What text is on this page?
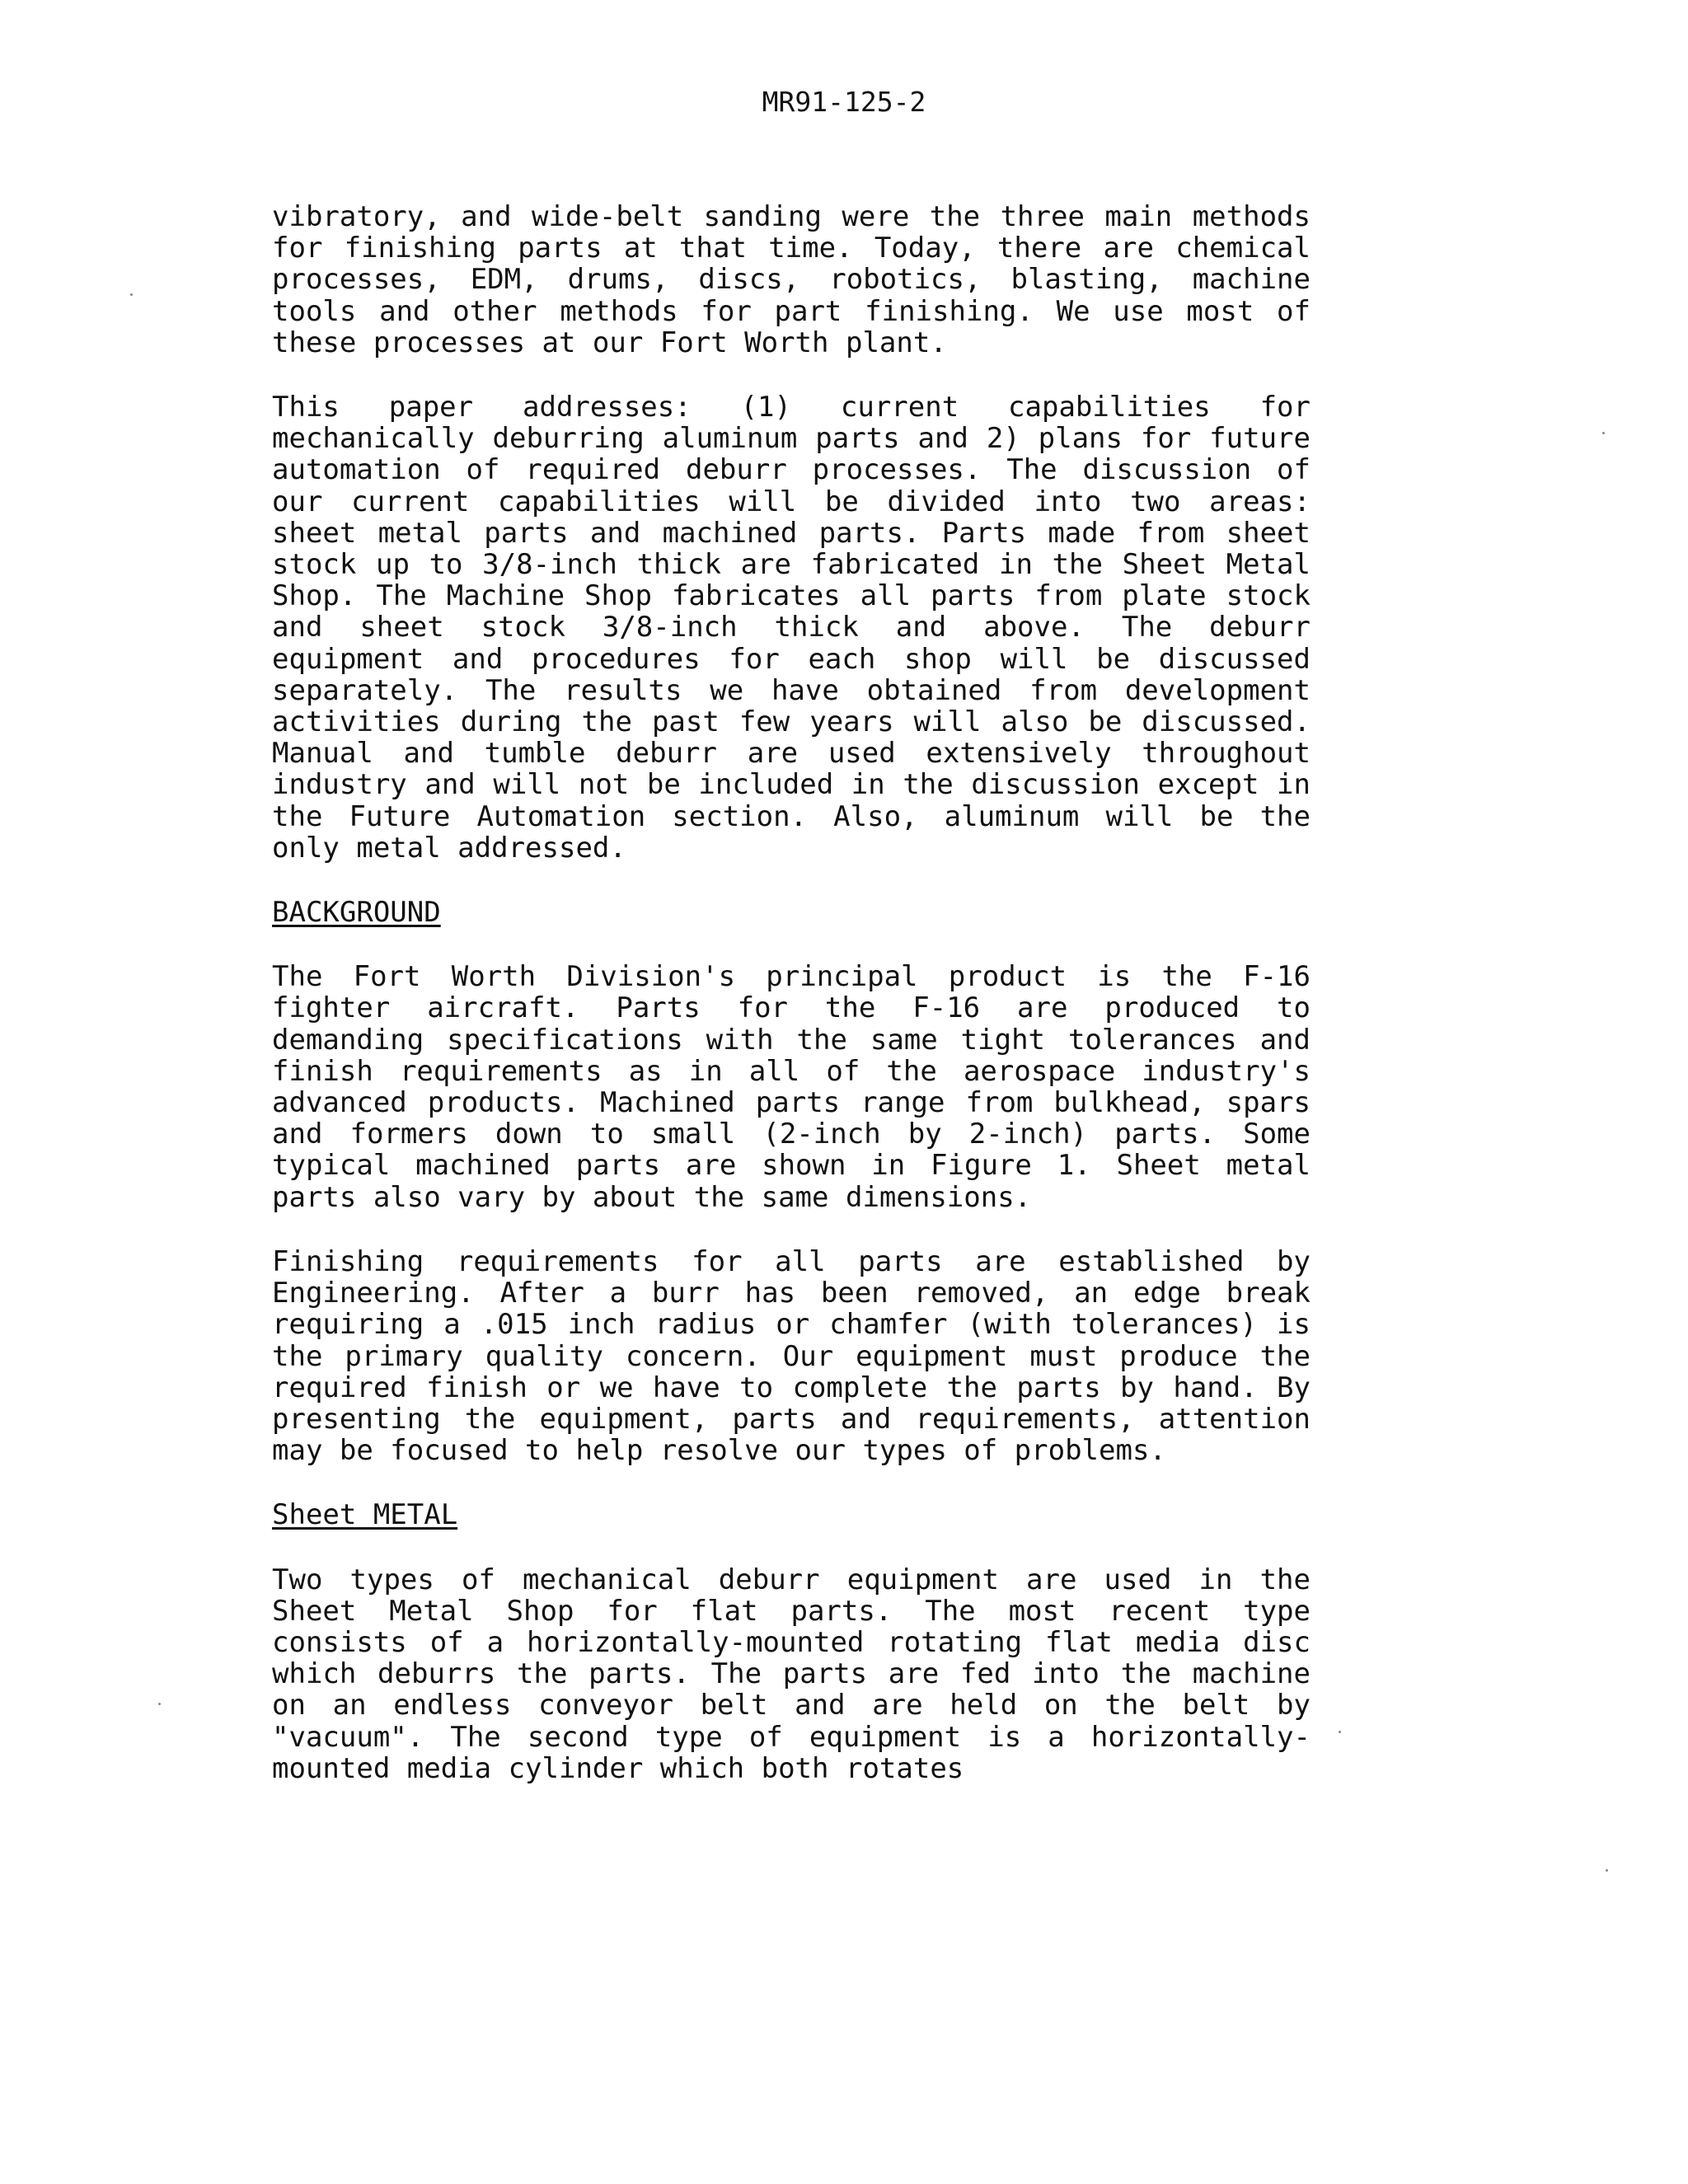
MR91-125-2

vibratory, and wide-belt sanding were the three main methods for finishing parts at that time. Today, there are chemical processes, EDM, drums, discs, robotics, blasting, machine tools and other methods for part finishing. We use most of these processes at our Fort Worth plant.

This paper addresses: (1) current capabilities for mechanically deburring aluminum parts and 2) plans for future automation of required deburr processes. The discussion of our current capabilities will be divided into two areas: sheet metal parts and machined parts. Parts made from sheet stock up to 3/8-inch thick are fabricated in the Sheet Metal Shop. The Machine Shop fabricates all parts from plate stock and sheet stock 3/8-inch thick and above. The deburr equipment and procedures for each shop will be discussed separately. The results we have obtained from development activities during the past few years will also be discussed. Manual and tumble deburr are used extensively throughout industry and will not be included in the discussion except in the Future Automation section. Also, aluminum will be the only metal addressed.

BACKGROUND

The Fort Worth Division's principal product is the F-16 fighter aircraft. Parts for the F-16 are produced to demanding specifications with the same tight tolerances and finish requirements as in all of the aerospace industry's advanced products. Machined parts range from bulkhead, spars and formers down to small (2-inch by 2-inch) parts. Some typical machined parts are shown in Figure 1. Sheet metal parts also vary by about the same dimensions.

Finishing requirements for all parts are established by Engineering. After a burr has been removed, an edge break requiring a .015 inch radius or chamfer (with tolerances) is the primary quality concern. Our equipment must produce the required finish or we have to complete the parts by hand. By presenting the equipment, parts and requirements, attention may be focused to help resolve our types of problems.

Sheet METAL

Two types of mechanical deburr equipment are used in the Sheet Metal Shop for flat parts. The most recent type consists of a horizontally-mounted rotating flat media disc which deburrs the parts. The parts are fed into the machine on an endless conveyor belt and are held on the belt by "vacuum". The second type of equipment is a horizontally-mounted media cylinder which both rotates
